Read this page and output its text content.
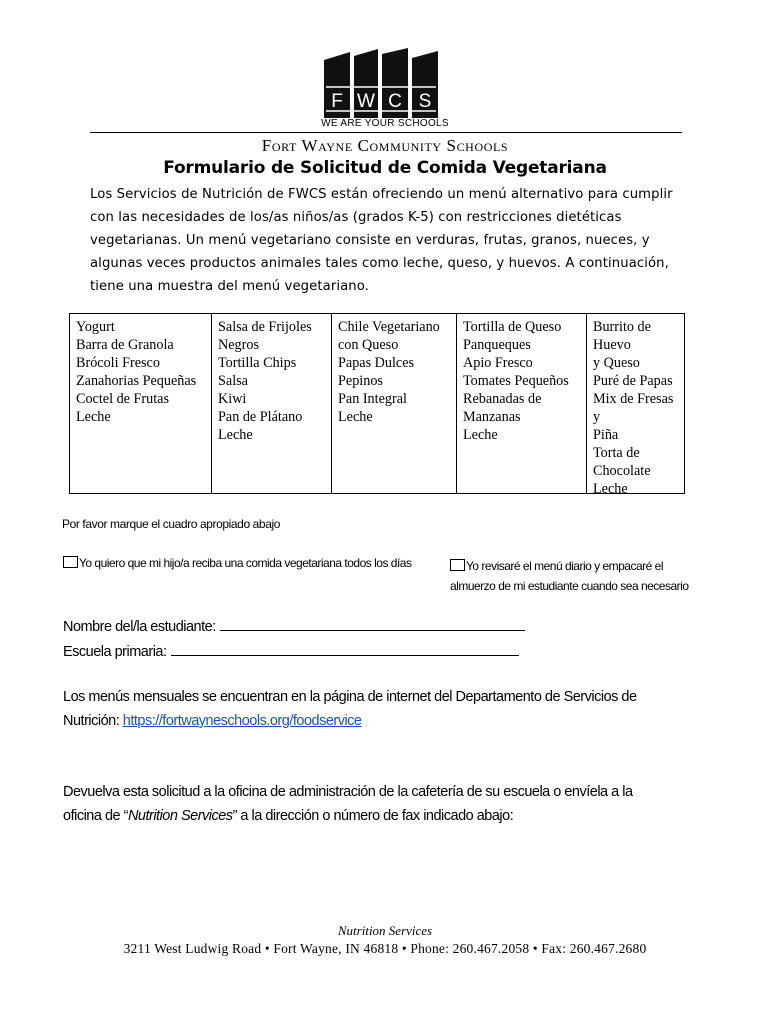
F W C S
WE ARE YOUR SCHOOLS
Fort Wayne Community Schools
Formulario de Solicitud de Comida Vegetariana

Los Servicios de Nutrición de FWCS están ofreciendo un menú alternativo para cumplir

con las necesidades de los/as niños/as (grados K-5) con restricciones dietéticas

vegetarianas. Un menú vegetariano consiste en verduras, frutas, granos, nueces, y

algunas veces productos animales tales como leche, queso, y huevos. A continuación,

tiene una muestra del menú vegetariano.

Yogurt
Barra de Granola
Brócoli Fresco
Zanahorias Pequeñas
Coctel de Frutas
Leche
Salsa de Frijoles
Negros
Tortilla Chips
Salsa
Kiwi
Pan de Plátano
Leche
Chile Vegetariano
con Queso
Papas Dulces
Pepinos
Pan Integral
Leche
Tortilla de Queso
Panqueques
Apio Fresco
Tomates Pequeños
Rebanadas de
Manzanas
Leche
Burrito de Huevo
y Queso
Puré de Papas
Mix de Fresas y
Piña
Torta de
Chocolate
Leche
Por favor marque el cuadro apropiado abajo
Yo quiero que mi hijo/a reciba una comida vegetariana todos los días	Yo revisaré el menú diario y empacaré el
almuerzo de mi estudiante cuando sea necesario
Nombre del/la estudiante:
Escuela primaria:
Los menús mensuales se encuentran en la página de internet del Departamento de Servicios de
Nutrición: https://fortwayneschools.org/foodservice
Devuelva esta solicitud a la oficina de administración de la cafetería de su escuela o envíela a la
oficina de “Nutrition Services” a la dirección o número de fax indicado abajo:
Nutrition Services
3211 West Ludwig Road • Fort Wayne, IN 46818 • Phone: 260.467.2058 • Fax: 260.467.2680
